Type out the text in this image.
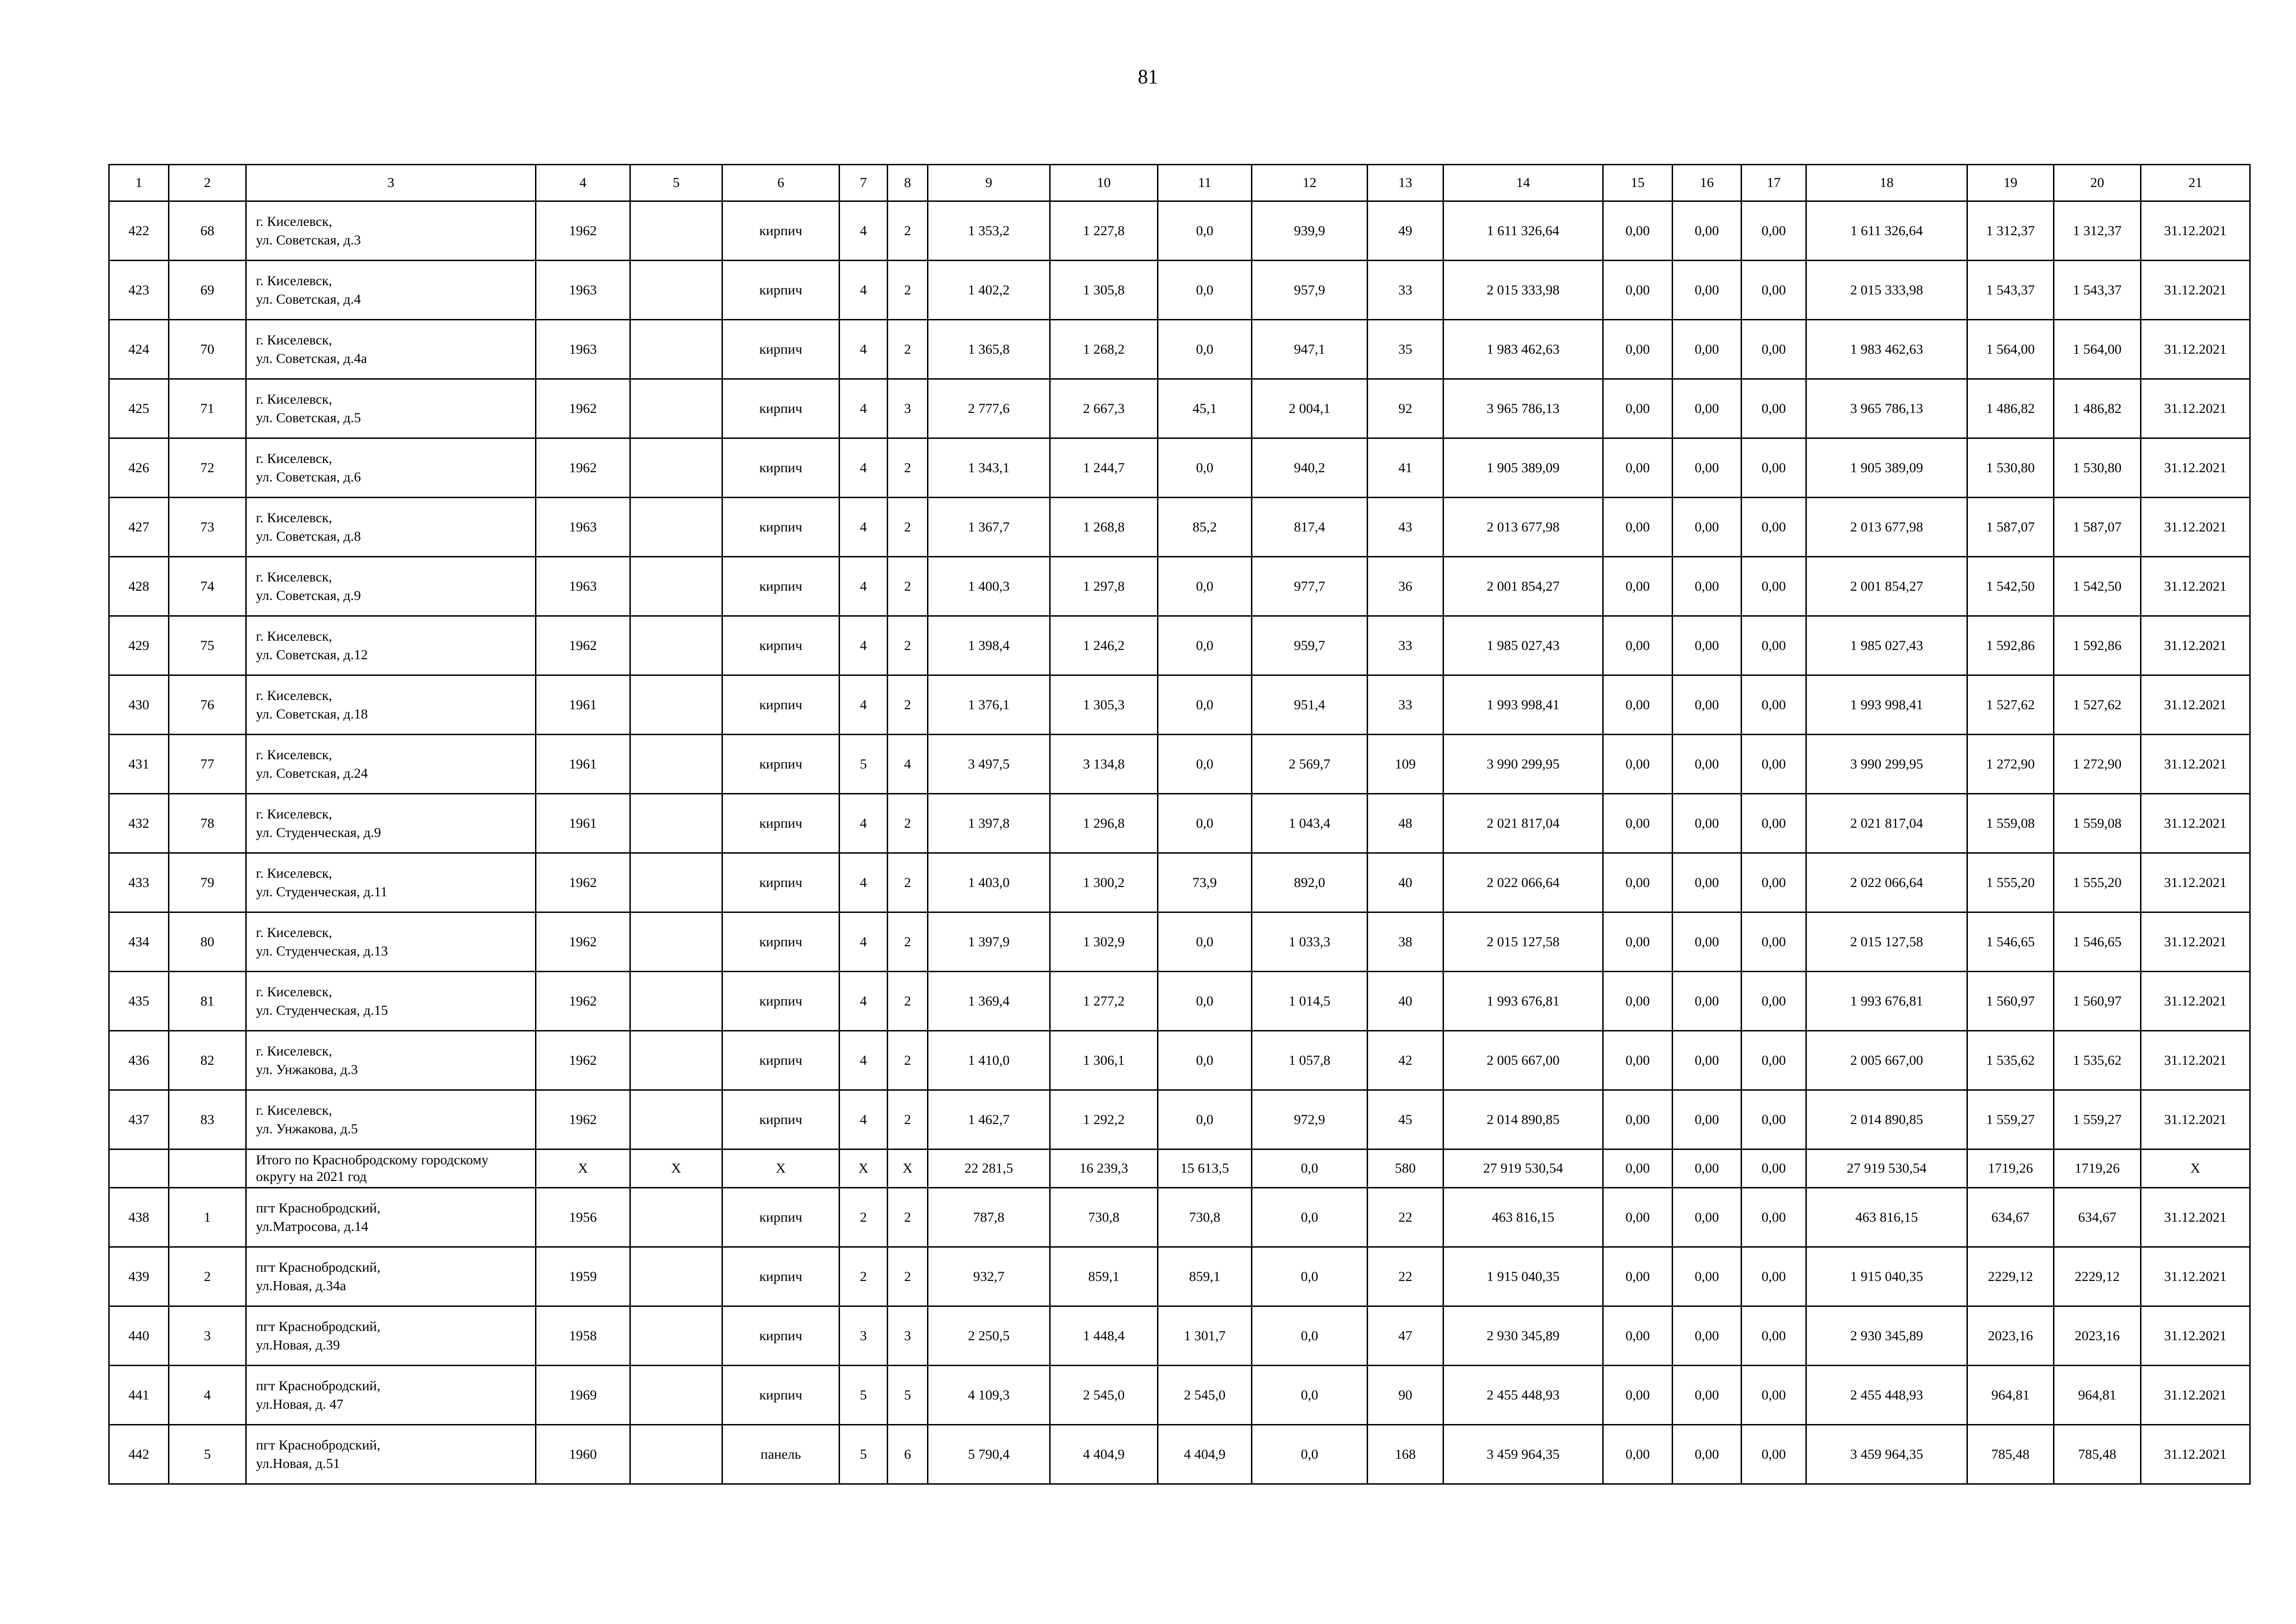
81
1	2	3	4	5	6	7	8	9	10	11	12	13	14	15	16	17	18	19	20	21
422	68	г. Киселевск,
ул. Советская, д.3	1962		кирпич	4	2	1 353,2	1 227,8	0,0	939,9	49	1 611 326,64	0,00	0,00	0,00	1 611 326,64	1 312,37	1 312,37	31.12.2021
423	69	г. Киселевск,
ул. Советская, д.4	1963		кирпич	4	2	1 402,2	1 305,8	0,0	957,9	33	2 015 333,98	0,00	0,00	0,00	2 015 333,98	1 543,37	1 543,37	31.12.2021
424	70	г. Киселевск,
ул. Советская, д.4а	1963		кирпич	4	2	1 365,8	1 268,2	0,0	947,1	35	1 983 462,63	0,00	0,00	0,00	1 983 462,63	1 564,00	1 564,00	31.12.2021
425	71	г. Киселевск,
ул. Советская, д.5	1962		кирпич	4	3	2 777,6	2 667,3	45,1	2 004,1	92	3 965 786,13	0,00	0,00	0,00	3 965 786,13	1 486,82	1 486,82	31.12.2021
426	72	г. Киселевск,
ул. Советская, д.6	1962		кирпич	4	2	1 343,1	1 244,7	0,0	940,2	41	1 905 389,09	0,00	0,00	0,00	1 905 389,09	1 530,80	1 530,80	31.12.2021
427	73	г. Киселевск,
ул. Советская, д.8	1963		кирпич	4	2	1 367,7	1 268,8	85,2	817,4	43	2 013 677,98	0,00	0,00	0,00	2 013 677,98	1 587,07	1 587,07	31.12.2021
428	74	г. Киселевск,
ул. Советская, д.9	1963		кирпич	4	2	1 400,3	1 297,8	0,0	977,7	36	2 001 854,27	0,00	0,00	0,00	2 001 854,27	1 542,50	1 542,50	31.12.2021
429	75	г. Киселевск,
ул. Советская, д.12	1962		кирпич	4	2	1 398,4	1 246,2	0,0	959,7	33	1 985 027,43	0,00	0,00	0,00	1 985 027,43	1 592,86	1 592,86	31.12.2021
430	76	г. Киселевск,
ул. Советская, д.18	1961		кирпич	4	2	1 376,1	1 305,3	0,0	951,4	33	1 993 998,41	0,00	0,00	0,00	1 993 998,41	1 527,62	1 527,62	31.12.2021
431	77	г. Киселевск,
ул. Советская, д.24	1961		кирпич	5	4	3 497,5	3 134,8	0,0	2 569,7	109	3 990 299,95	0,00	0,00	0,00	3 990 299,95	1 272,90	1 272,90	31.12.2021
432	78	г. Киселевск,
ул. Студенческая, д.9	1961		кирпич	4	2	1 397,8	1 296,8	0,0	1 043,4	48	2 021 817,04	0,00	0,00	0,00	2 021 817,04	1 559,08	1 559,08	31.12.2021
433	79	г. Киселевск,
ул. Студенческая, д.11	1962		кирпич	4	2	1 403,0	1 300,2	73,9	892,0	40	2 022 066,64	0,00	0,00	0,00	2 022 066,64	1 555,20	1 555,20	31.12.2021
434	80	г. Киселевск,
ул. Студенческая, д.13	1962		кирпич	4	2	1 397,9	1 302,9	0,0	1 033,3	38	2 015 127,58	0,00	0,00	0,00	2 015 127,58	1 546,65	1 546,65	31.12.2021
435	81	г. Киселевск,
ул. Студенческая, д.15	1962		кирпич	4	2	1 369,4	1 277,2	0,0	1 014,5	40	1 993 676,81	0,00	0,00	0,00	1 993 676,81	1 560,97	1 560,97	31.12.2021
436	82	г. Киселевск,
ул. Унжакова, д.3	1962		кирпич	4	2	1 410,0	1 306,1	0,0	1 057,8	42	2 005 667,00	0,00	0,00	0,00	2 005 667,00	1 535,62	1 535,62	31.12.2021
437	83	г. Киселевск,
ул. Унжакова, д.5	1962		кирпич	4	2	1 462,7	1 292,2	0,0	972,9	45	2 014 890,85	0,00	0,00	0,00	2 014 890,85	1 559,27	1 559,27	31.12.2021
		Итого по Краснобродскому городскому
округу на 2021 год	X	X	X	X	X	22 281,5	16 239,3	15 613,5	0,0	580	27 919 530,54	0,00	0,00	0,00	27 919 530,54	1719,26	1719,26	X
438	1	пгт Краснобродский,
ул.Матросова, д.14	1956		кирпич	2	2	787,8	730,8	730,8	0,0	22	463 816,15	0,00	0,00	0,00	463 816,15	634,67	634,67	31.12.2021
439	2	пгт Краснобродский,
ул.Новая, д.34а	1959		кирпич	2	2	932,7	859,1	859,1	0,0	22	1 915 040,35	0,00	0,00	0,00	1 915 040,35	2229,12	2229,12	31.12.2021
440	3	пгт Краснобродский,
ул.Новая, д.39	1958		кирпич	3	3	2 250,5	1 448,4	1 301,7	0,0	47	2 930 345,89	0,00	0,00	0,00	2 930 345,89	2023,16	2023,16	31.12.2021
441	4	пгт Краснобродский,
ул.Новая, д. 47	1969		кирпич	5	5	4 109,3	2 545,0	2 545,0	0,0	90	2 455 448,93	0,00	0,00	0,00	2 455 448,93	964,81	964,81	31.12.2021
442	5	пгт Краснобродский,
ул.Новая, д.51	1960		панель	5	6	5 790,4	4 404,9	4 404,9	0,0	168	3 459 964,35	0,00	0,00	0,00	3 459 964,35	785,48	785,48	31.12.2021
